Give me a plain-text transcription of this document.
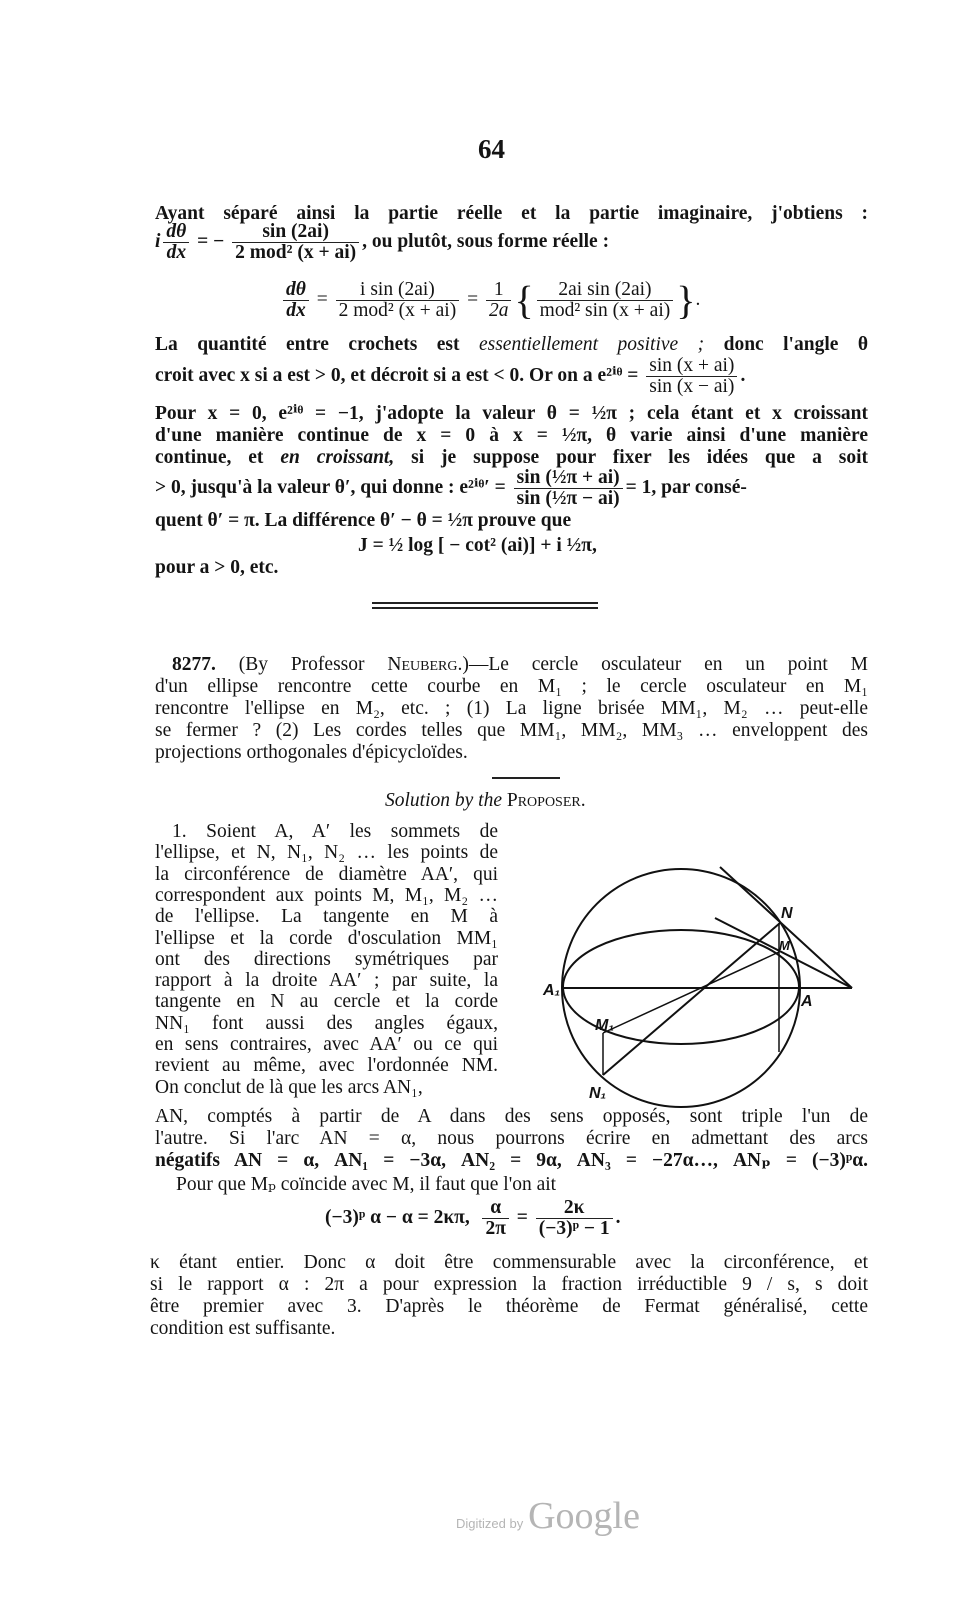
64
Ayant séparé ainsi la partie réelle et la partie imaginaire, j'obtiens :
i $\frac{d\theta}{dx}$ = − $\frac{\sin (2ai)}{\text{2 mod² (x + ai)}}$ , ou plutôt, sous forme réelle :
$\frac{d\theta}{dx} = \frac{\text{i sin (2ai)}}{\text{2 mod² (x + ai)}} = \frac{1}{2a}$ { $\frac{\text{2ai sin (2ai)}}{\text{mod² sin (x + ai)}}$ }.
La quantité entre crochets est essentiellement positive ; donc l'angle θ
croit avec x si a est > 0, et décroit si a est < 0. Or on a e²ⁱᶿ = $\frac{\sin (x + ai)}{\sin (x - ai)}$ .
Pour x = 0, e²ⁱᶿ = −1, j'adopte la valeur θ = ½π ; cela étant et x croissant
d'une manière continue de x = 0 à x = ½π, θ varie ainsi d'une manière
continue, et en croissant, si je suppose pour fixer les idées que a soit
> 0, jusqu'à la valeur θ′, qui donne : e²ⁱᶿ′ = $\frac{\text{sin (½π + ai)}}{\text{sin (½π − ai)}} = 1$, par consé-
quent θ′ = π. La différence θ′ − θ = ½π prouve que
J = ½ log [ − cot² (ai)] + i ½π,
pour a > 0, etc.
8277. (By Professor Neuberg.)—Le cercle osculateur en un point M
d'un ellipse rencontre cette courbe en M₁ ; le cercle osculateur en M₁
rencontre l'ellipse en M₂, etc. ; (1) La ligne brisée MM₁, M₂ … peut-elle
se fermer ? (2) Les cordes telles que MM₁, MM₂, MM₃ … enveloppent des
projections orthogonales d'épicycloïdes.
Solution by the Proposer.
1. Soient A, A′ les sommets de
l'ellipse, et N, N₁, N₂ … les points de
la circonférence de diamètre AA′, qui
correspondent aux points M, M₁, M₂ …
de l'ellipse. La tangente en M à
l'ellipse et la corde d'osculation MM₁
ont des directions symétriques par
rapport à la droite AA′ ; par suite, la
tangente en N au cercle et la corde
NN₁ font aussi des angles égaux,
en sens contraires, avec AA′ ou ce qui
revient au même, avec l'ordonnée NM.
On conclut de là que les arcs AN₁,
AN, comptés à partir de A dans des sens opposés, sont triple l'un de
l'autre. Si l'arc AN = α, nous pourrons écrire en admettant des arcs
négatifs AN = α, AN₁ = −3α, AN₂ = 9α, AN₃ = −27α…, ANₚ = (−3)ᵖα.
Pour que Mₚ coïncide avec M, il faut que l'on ait
(−3)ᵖ α − α = 2κπ, $\frac{\alpha}{2\pi} = \frac{2\kappa}{\text{(−3)ᵖ − 1}}$ .
κ étant entier. Donc α doit être commensurable avec la circonférence, et
si le rapport α : 2π a pour expression la fraction irréductible 9 / s, s doit
être premier avec 3. D'après le théorème de Fermat généralisé, cette
condition est suffisante.
A₁
A
N
M
M₁
N₁
Digitized by Google
